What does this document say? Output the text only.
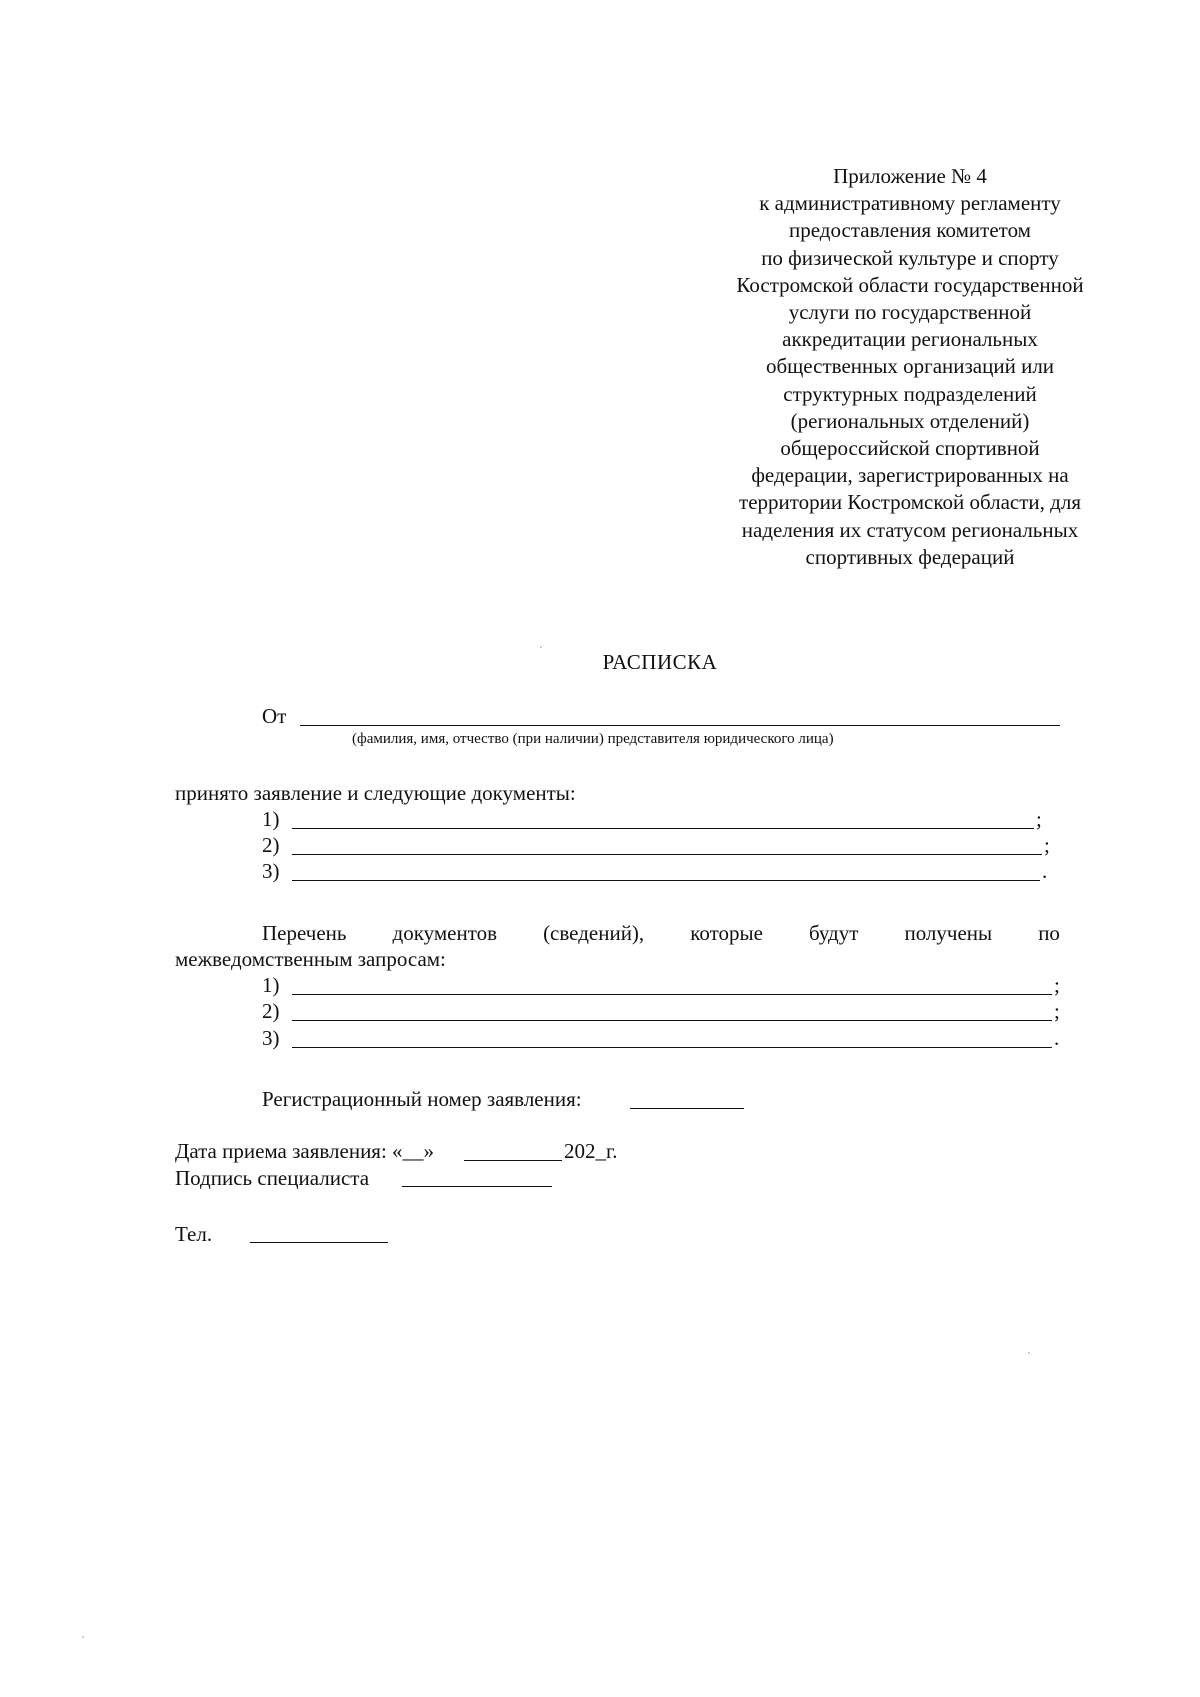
Приложение № 4
к административному регламенту
предоставления комитетом
по физической культуре и спорту
Костромской области государственной
услуги по государственной
аккредитации региональных
общественных организаций или
структурных подразделений
(региональных отделений)
общероссийской спортивной
федерации, зарегистрированных на
территории Костромской области, для
наделения их статусом региональных
спортивных федераций
РАСПИСКА
От
(фамилия, имя, отчество (при наличии) представителя юридического лица)
принято заявление и следующие документы:
1)	;
2)	;
3)	.
Перечень документов (сведений), которые будут получены по
межведомственным запросам:
1)	;
2)	;
3)	.
Регистрационный номер заявления:
Дата приема заявления: «__»	202_г.
Подпись специалиста
Тел.
